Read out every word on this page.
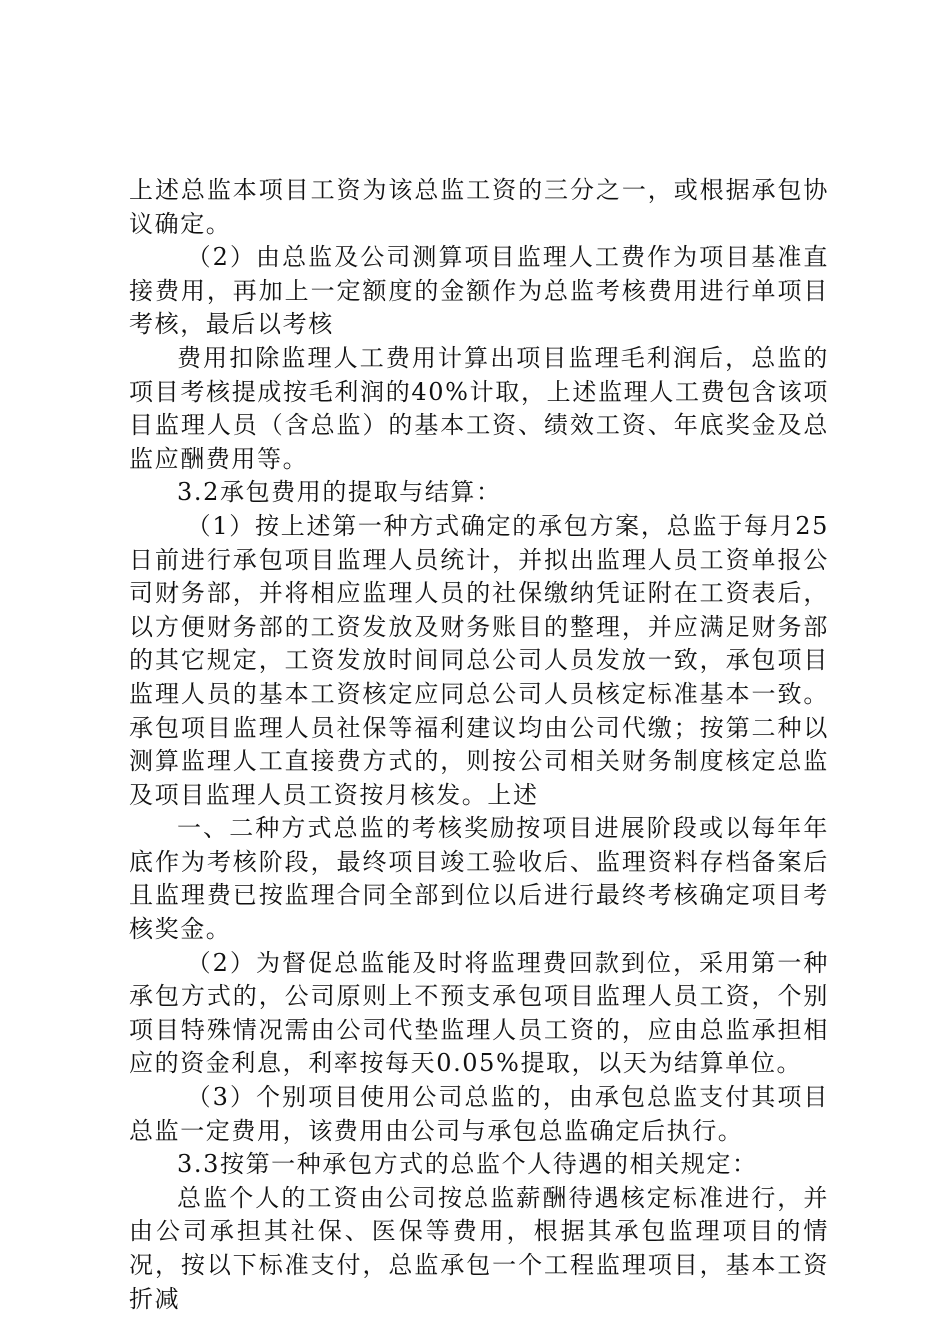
上述总监本项目工资为该总监工资的三分之一，或根据承包协议确定。

（2）由总监及公司测算项目监理人工费作为项目基准直接费用，再加上一定额度的金额作为总监考核费用进行单项目考核，最后以考核

费用扣除监理人工费用计算出项目监理毛利润后，总监的项目考核提成按毛利润的40%计取，上述监理人工费包含该项目监理人员（含总监）的基本工资、绩效工资、年底奖金及总监应酬费用等。

3.2承包费用的提取与结算：

（1）按上述第一种方式确定的承包方案，总监于每月25日前进行承包项目监理人员统计，并拟出监理人员工资单报公司财务部，并将相应监理人员的社保缴纳凭证附在工资表后，以方便财务部的工资发放及财务账目的整理，并应满足财务部的其它规定，工资发放时间同总公司人员发放一致，承包项目监理人员的基本工资核定应同总公司人员核定标准基本一致。承包项目监理人员社保等福利建议均由公司代缴；按第二种以测算监理人工直接费方式的，则按公司相关财务制度核定总监及项目监理人员工资按月核发。上述

一、二种方式总监的考核奖励按项目进展阶段或以每年年底作为考核阶段，最终项目竣工验收后、监理资料存档备案后且监理费已按监理合同全部到位以后进行最终考核确定项目考核奖金。

（2）为督促总监能及时将监理费回款到位，采用第一种承包方式的，公司原则上不预支承包项目监理人员工资，个别项目特殊情况需由公司代垫监理人员工资的，应由总监承担相应的资金利息，利率按每天0.05%提取，以天为结算单位。

（3）个别项目使用公司总监的，由承包总监支付其项目总监一定费用，该费用由公司与承包总监确定后执行。

3.3按第一种承包方式的总监个人待遇的相关规定：

总监个人的工资由公司按总监薪酬待遇核定标准进行，并由公司承担其社保、医保等费用，根据其承包监理项目的情况，按以下标准支付，总监承包一个工程监理项目，基本工资折减
